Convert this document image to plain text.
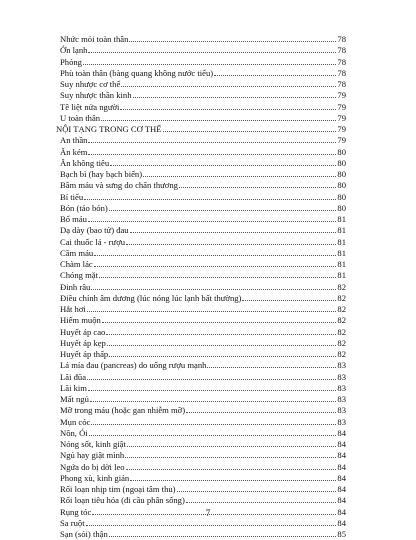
Nhức mỏi toàn thân	78
Ớn lạnh	78
Phỏng	78
Phù toàn thân (bàng quang không nước tiểu)	78
Suy nhược cơ thể	78
Suy nhược thần kinh	79
Tê liệt nửa người	79
U toàn thân	79
NỘI TẠNG TRONG CƠ THỂ	79
An thần	79
Ăn kém	80
Ăn không tiêu	80
Bạch bì (hay bạch biến)	80
Bầm máu và sưng do chấn thương	80
Bí tiểu	80
Bón (táo bón)	80
Bổ máu	81
Dạ dày (bao tử) đau	81
Cai thuốc lá - rượu	81
Cầm máu	81
Chàm lác	81
Chóng mặt	81
Đinh râu	82
Điều chỉnh âm dương (lúc nóng lúc lạnh bất thường)	82
Hắt hơi	82
Hiếm muộn	82
Huyết áp cao	82
Huyết áp kẹp	82
Huyết áp thấp	82
Lá mía đau (pancreas) do uống rượu mạnh	83
Lãi đũa	83
Lãi kim	83
Mất ngủ	83
Mỡ trong máu (hoặc gan nhiễm mỡ)	83
Mụn cóc	83
Nôn, Ói	84
Nóng sốt, kinh giật	84
Ngủ hay giật mình	84
Ngứa do bị dời leo	84
Phong xù, kinh giản	84
Rối loạn nhịp tim (ngoại tâm thu)	84
Rối loạn tiêu hóa (đi cầu phân sống)	84
Rụng tóc	84
Sa ruột	84
Sạn (sỏi) thận	85
7
